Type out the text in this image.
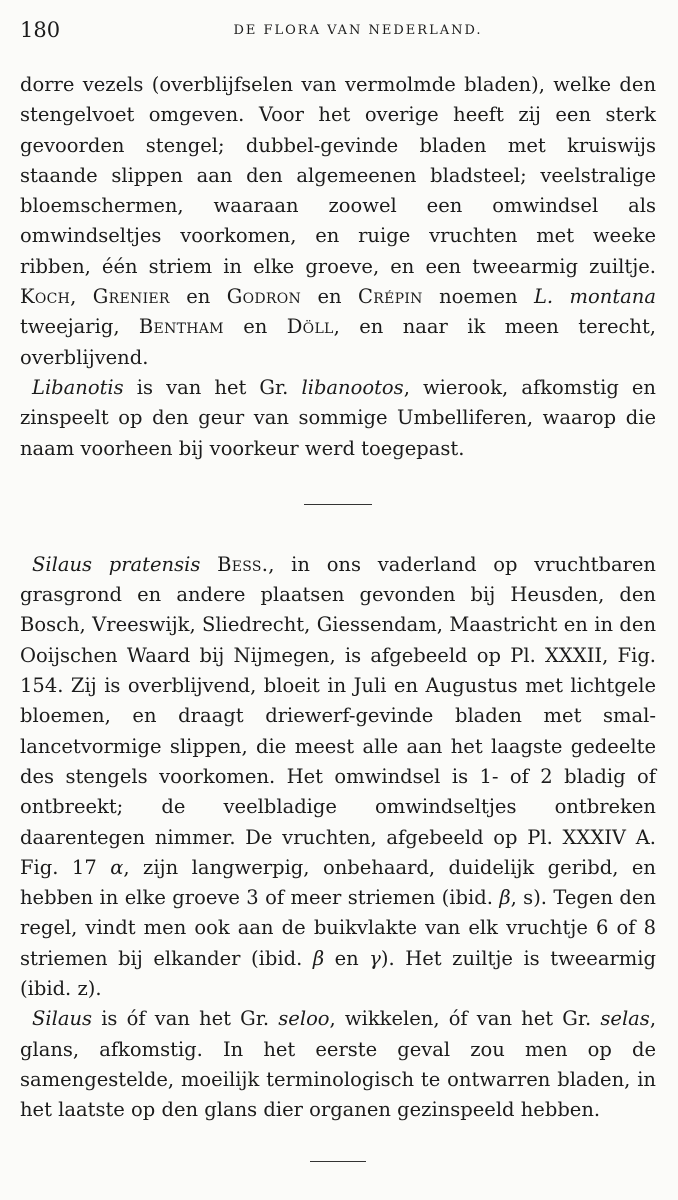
180	DE FLORA VAN NEDERLAND.

dorre vezels (overblijfselen van vermolmde bladen), welke den stengelvoet omgeven. Voor het overige heeft zij een sterk gevoorden stengel; dubbel-gevinde bladen met kruiswijs staande slippen aan den algemeenen bladsteel; veelstralige bloemschermen, waaraan zoowel een omwindsel als omwindseltjes voorkomen, en ruige vruchten met weeke ribben, één striem in elke groeve, en een tweearmig zuiltje. Koch, Grenier en Godron en Crépin noemen L. montana tweejarig, Bentham en Döll, en naar ik meen terecht, overblijvend.

Libanotis is van het Gr. libanootos, wierook, afkomstig en zinspeelt op den geur van sommige Umbelliferen, waarop die naam voorheen bij voorkeur werd toegepast.

Silaus pratensis Bess., in ons vaderland op vruchtbaren grasgrond en andere plaatsen gevonden bij Heusden, den Bosch, Vreeswijk, Sliedrecht, Giessendam, Maastricht en in den Ooijschen Waard bij Nijmegen, is afgebeeld op Pl. XXXII, Fig. 154. Zij is overblijvend, bloeit in Juli en Augustus met lichtgele bloemen, en draagt driewerf-gevinde bladen met smal-lancetvormige slippen, die meest alle aan het laagste gedeelte des stengels voorkomen. Het omwindsel is 1- of 2 bladig of ontbreekt; de veelbladige omwindseltjes ontbreken daarentegen nimmer. De vruchten, afgebeeld op Pl. XXXIV A. Fig. 17 α, zijn langwerpig, onbehaard, duidelijk geribd, en hebben in elke groeve 3 of meer striemen (ibid. β, s). Tegen den regel, vindt men ook aan de buikvlakte van elk vruchtje 6 of 8 striemen bij elkander (ibid. β en γ). Het zuiltje is tweearmig (ibid. z).

Silaus is óf van het Gr. seloo, wikkelen, óf van het Gr. selas, glans, afkomstig. In het eerste geval zou men op de samengestelde, moeilijk terminologisch te ontwarren bladen, in het laatste op den glans dier organen gezinspeeld hebben.
